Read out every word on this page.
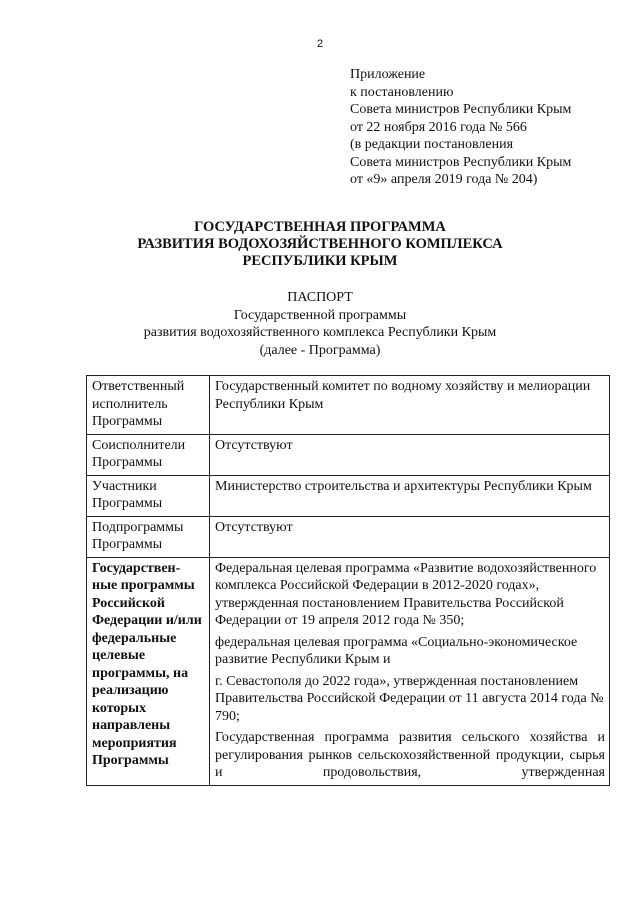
2
Приложение
к постановлению
Совета министров Республики Крым
от 22 ноября 2016 года № 566
(в редакции постановления
Совета министров Республики Крым
от «9» апреля 2019 года № 204)
ГОСУДАРСТВЕННАЯ ПРОГРАММА
РАЗВИТИЯ ВОДОХОЗЯЙСТВЕННОГО КОМПЛЕКСА
РЕСПУБЛИКИ КРЫМ
ПАСПОРТ
Государственной программы
развития водохозяйственного комплекса Республики Крым
(далее - Программа)
Ответственный исполнитель Программы	Государственный комитет по водному хозяйству и мелиорации Республики Крым

Соисполнители Программы	Отсутствуют

Участники Программы	Министерство строительства и архитектуры Республики Крым

Подпрограммы Программы	Отсутствуют

Государствен-ные программы Российской Федерации и/или федеральные целевые программы, на реализацию которых направлены мероприятия Программы	Федеральная целевая программа «Развитие водохозяйственного комплекса Российской Федерации в 2012-2020 годах», утвержденная постановлением Правительства Российской Федерации от 19 апреля 2012 года № 350;

федеральная целевая программа «Социально-экономическое развитие Республики Крым и

г. Севастополя до 2022 года», утвержденная постановлением Правительства Российской Федерации от 11 августа 2014 года № 790;

Государственная программа развития сельского хозяйства и регулирования рынков сельскохозяйственной продукции, сырья и продовольствия, утвержденная
